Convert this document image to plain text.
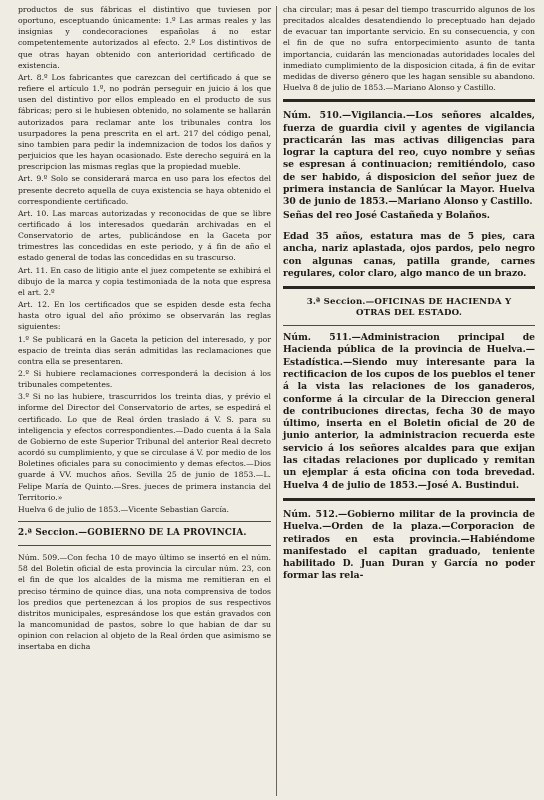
productos de sus fábricas el distintivo que tuviesen por oportuno, esceptuando únicamente: 1.º Las armas reales y las insignias y condecoraciones españolas á no estar competentemente autorizados al efecto. 2.º Los distintivos de que otras hayan obtenido con anterioridad certificado de existencia.

Art. 8.º Los fabricantes que carezcan del certificado á que se refiere el artículo 1.º, no podrán perseguir en juicio á los que usen del distintivo por ellos empleado en el producto de sus fábricas; pero si le hubiesen obtenido, no solamente se hallarán autorizados para reclamar ante los tribunales contra los usurpadores la pena prescrita en el art. 217 del código penal, sino tambien para pedir la indemnizacion de todos los daños y perjuicios que les hayan ocasionado. Este derecho seguirá en la prescripcion las mismas reglas que la propiedad mueble.

Art. 9.º Solo se considerará marca en uso para los efectos del presente decreto aquella de cuya existencia se haya obtenido el correspondiente certificado.

Art. 10. Las marcas autorizadas y reconocidas de que se libre certificado á los interesados quedarán archivadas en el Conservatorio de artes, publicándose en la Gaceta por trimestres las concedidas en este periodo, y á fin de año el estado general de todas las concedidas en su trascurso.

Art. 11. En caso de litigio ante el juez competente se exhibirá el dibujo de la marca y copia testimoniada de la nota que espresa el art. 2.º

Art. 12. En los certificados que se espiden desde esta fecha hasta otro igual del año próximo se observarán las reglas siguientes:

1.º Se publicará en la Gaceta la peticion del interesado, y por espacio de treinta dias serán admitidas las reclamaciones que contra ella se presentaren.

2.º Si hubiere reclamaciones corresponderá la decision á los tribunales competentes.

3.º Si no las hubiere, trascurridos los treinta dias, y prévio el informe del Director del Conservatorio de artes, se espedirá el certificado. Lo que de Real órden traslado á V. S. para su inteligencia y efectos correspondientes.—Dado cuenta á la Sala de Gobierno de este Superior Tribunal del anterior Real decreto acordó su cumplimiento, y que se circulase á V. por medio de los Boletines oficiales para su conocimiento y demas efectos.—Dios guarde á VV. muchos años. Sevilla 25 de junio de 1853.—L. Felipe María de Quinto.—Sres. jueces de primera instancia del Territorio.»

Huelva 6 de julio de 1853.—Vicente Sebastian García.

2.ª Seccion.—GOBIERNO DE LA PROVINCIA.

Núm. 509.—Con fecha 10 de mayo último se insertó en el núm. 58 del Boletin oficial de esta provincia la circular núm. 23, con el fin de que los alcaldes de la misma me remitieran en el preciso término de quince dias, una nota comprensiva de todos los predios que pertenezcan á los propios de sus respectivos distritos municipales, espresándose los que están gravados con la mancomunidad de pastos, sobre lo que habian de dar su opinion con relacion al objeto de la Real órden que asimismo se insertaba en dicha

cha circular; mas á pesar del tiempo trascurrido algunos de los precitados alcaldes desatendiendo lo preceptuado han dejado de evacuar tan importante servicio. En su consecuencia, y con el fin de que no sufra entorpecimiento asunto de tanta importancia, cuidarán las mencionadas autoridades locales del inmediato cumplimiento de la disposicion citada, á fin de evitar medidas de diverso género que les hagan sensible su abandono. Huelva 8 de julio de 1853.—Mariano Alonso y Castillo.

Núm. 510.—Vigilancia.—Los señores alcaldes, fuerza de guardia civil y agentes de vigilancia practicarán las mas activas diligencias para lograr la captura del reo, cuyo nombre y señas se espresan á continuacion; remitiéndolo, caso de ser habido, á disposicion del señor juez de primera instancia de Sanlúcar la Mayor. Huelva 30 de junio de 1853.—Mariano Alonso y Castillo.

Señas del reo José Castañeda y Bolaños.

Edad 35 años, estatura mas de 5 pies, cara ancha, nariz aplastada, ojos pardos, pelo negro con algunas canas, patilla grande, carnes regulares, color claro, algo manco de un brazo.

3.ª Seccion.—OFICINAS DE HACIENDA Y

OTRAS DEL ESTADO.

Núm. 511.—Administracion principal de Hacienda pública de la provincia de Huelva.—Estadística.—Siendo muy interesante para la rectificacion de los cupos de los pueblos el tener á la vista las relaciones de los ganaderos, conforme á la circular de la Direccion general de contribuciones directas, fecha 30 de mayo último, inserta en el Boletin oficial de 20 de junio anterior, la administracion recuerda este servicio á los señores alcaldes para que exijan las citadas relaciones por duplicado y remitan un ejemplar á esta oficina con toda brevedad. Huelva 4 de julio de 1853.—José A. Bustindui.

Núm. 512.—Gobierno militar de la provincia de Huelva.—Orden de la plaza.—Corporacion de retirados en esta provincia.—Habiéndome manifestado el capitan graduado, teniente habilitado D. Juan Duran y García no poder formar las rela-
